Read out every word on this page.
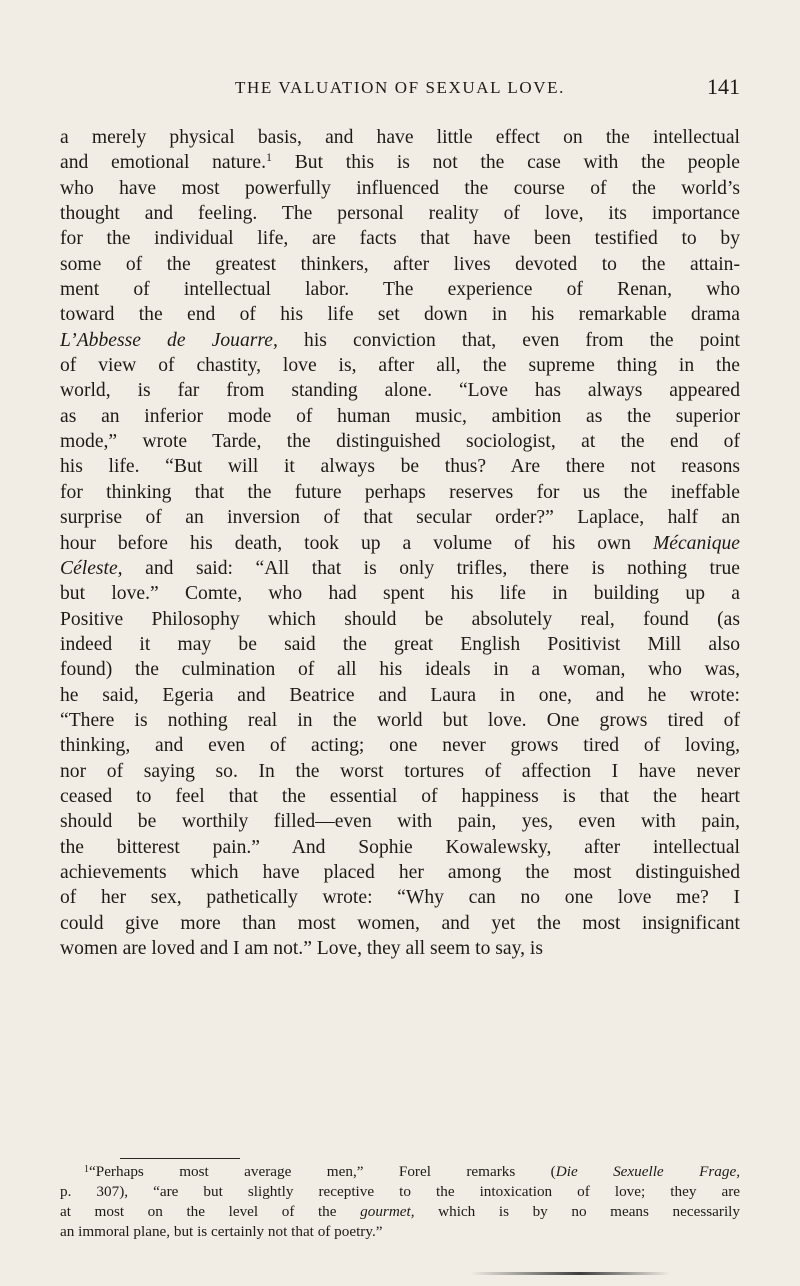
THE VALUATION OF SEXUAL LOVE.	141

a merely physical basis, and have little effect on the intellectual
and emotional nature.$^1$ But this is not the case with the people
who have most powerfully influenced the course of the world’s
thought and feeling. The personal reality of love, its importance
for the individual life, are facts that have been testified to by
some of the greatest thinkers, after lives devoted to the attain-
ment of intellectual labor. The experience of Renan, who
toward the end of his life set down in his remarkable drama
L’Abbesse de Jouarre, his conviction that, even from the point
of view of chastity, love is, after all, the supreme thing in the
world, is far from standing alone. “Love has always appeared
as an inferior mode of human music, ambition as the superior
mode,” wrote Tarde, the distinguished sociologist, at the end of
his life. “But will it always be thus? Are there not reasons
for thinking that the future perhaps reserves for us the ineffable
surprise of an inversion of that secular order?” Laplace, half an
hour before his death, took up a volume of his own Mécanique
Céleste, and said: “All that is only trifles, there is nothing true
but love.” Comte, who had spent his life in building up a
Positive Philosophy which should be absolutely real, found (as
indeed it may be said the great English Positivist Mill also
found) the culmination of all his ideals in a woman, who was,
he said, Egeria and Beatrice and Laura in one, and he wrote:
“There is nothing real in the world but love. One grows tired of
thinking, and even of acting; one never grows tired of loving,
nor of saying so. In the worst tortures of affection I have never
ceased to feel that the essential of happiness is that the heart
should be worthily filled—even with pain, yes, even with pain,
the bitterest pain.” And Sophie Kowalewsky, after intellectual
achievements which have placed her among the most distinguished
of her sex, pathetically wrote: “Why can no one love me? I
could give more than most women, and yet the most insignificant
women are loved and I am not.” Love, they all seem to say, is

$^1$“Perhaps most average men,” Forel remarks (Die Sexuelle Frage,
p. 307), “are but slightly receptive to the intoxication of love; they are
at most on the level of the gourmet, which is by no means necessarily
an immoral plane, but is certainly not that of poetry.”
